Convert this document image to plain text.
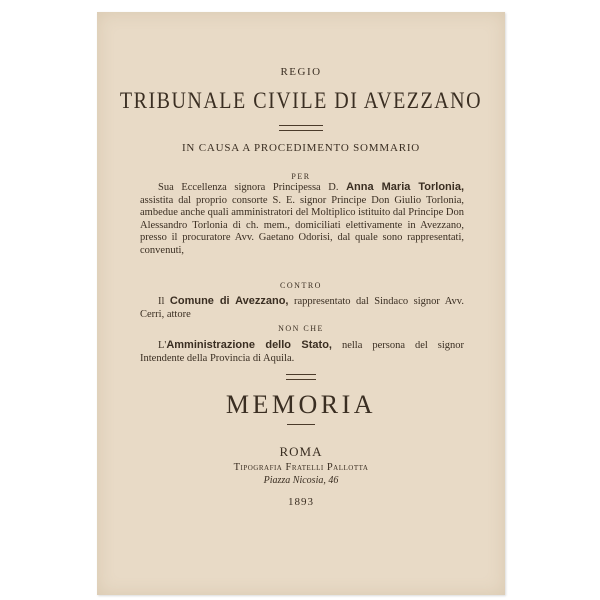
REGIO
TRIBUNALE CIVILE DI AVEZZANO
IN CAUSA A PROCEDIMENTO SOMMARIO
PER
Sua Eccellenza signora Principessa D. Anna Maria Torlonia, assistita dal proprio consorte S. E. signor Principe Don Giulio Torlonia, ambedue anche quali amministratori del Moltiplico istituito dal Principe Don Alessandro Torlonia di ch. mem., domiciliati elettivamente in Avezzano, presso il procuratore Avv. Gaetano Odorisi, dal quale sono rappresentati, convenuti,
CONTRO
Il Comune di Avezzano, rappresentato dal Sindaco signor Avv. Cerri, attore
NON CHE
L'Amministrazione dello Stato, nella persona del signor Intendente della Provincia di Aquila.
MEMORIA
ROMA
Tipografia Fratelli Pallotta
Piazza Nicosia, 46
1893
